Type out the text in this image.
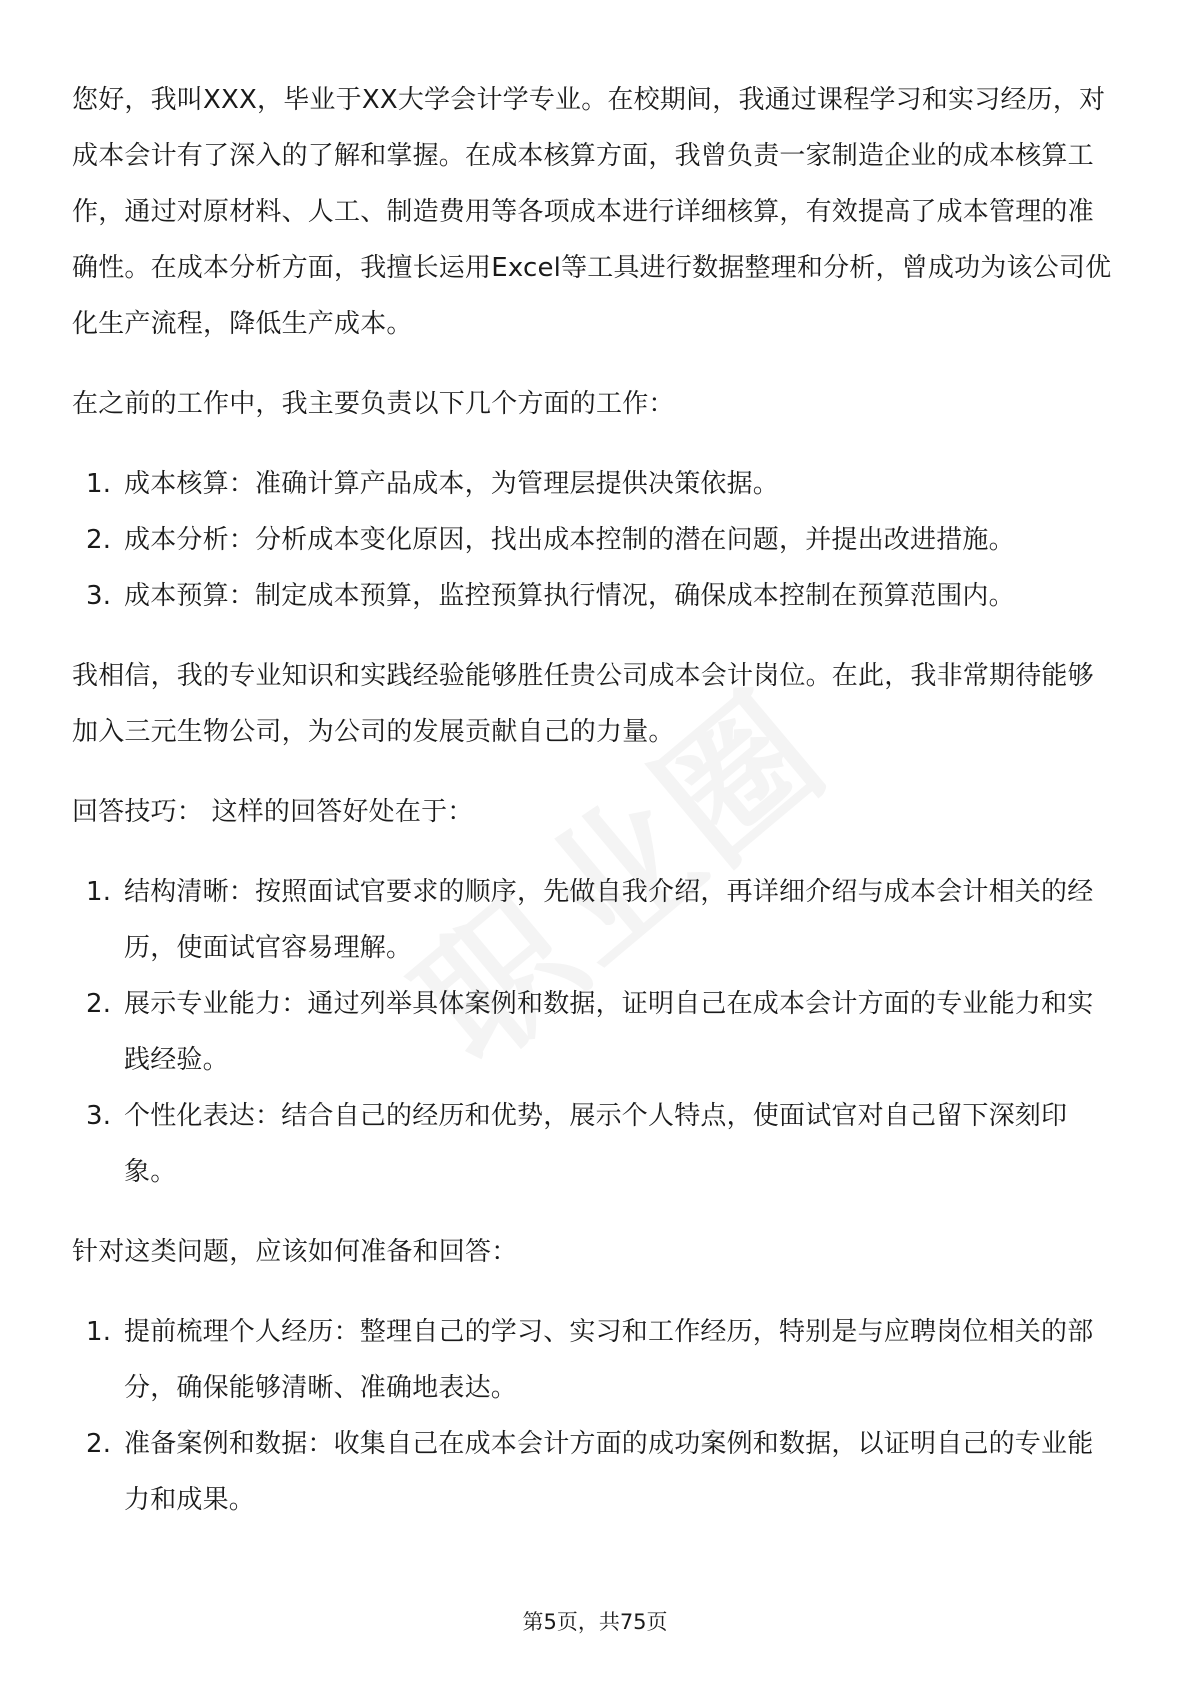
您好，我叫XXX，毕业于XX大学会计学专业。在校期间，我通过课程学习和实习经历，对成本会计有了深入的了解和掌握。在成本核算方面，我曾负责一家制造企业的成本核算工作，通过对原材料、人工、制造费用等各项成本进行详细核算，有效提高了成本管理的准确性。在成本分析方面，我擅长运用Excel等工具进行数据整理和分析，曾成功为该公司优化生产流程，降低生产成本。

在之前的工作中，我主要负责以下几个方面的工作：

1. 成本核算：准确计算产品成本，为管理层提供决策依据。
2. 成本分析：分析成本变化原因，找出成本控制的潜在问题，并提出改进措施。
3. 成本预算：制定成本预算，监控预算执行情况，确保成本控制在预算范围内。

我相信，我的专业知识和实践经验能够胜任贵公司成本会计岗位。在此，我非常期待能够加入三元生物公司，为公司的发展贡献自己的力量。

回答技巧： 这样的回答好处在于：

1. 结构清晰：按照面试官要求的顺序，先做自我介绍，再详细介绍与成本会计相关的经历，使面试官容易理解。
2. 展示专业能力：通过列举具体案例和数据，证明自己在成本会计方面的专业能力和实践经验。
3. 个性化表达：结合自己的经历和优势，展示个人特点，使面试官对自己留下深刻印象。

针对这类问题，应该如何准备和回答：

1. 提前梳理个人经历：整理自己的学习、实习和工作经历，特别是与应聘岗位相关的部分，确保能够清晰、准确地表达。
2. 准备案例和数据：收集自己在成本会计方面的成功案例和数据，以证明自己的专业能力和成果。
第5页，共75页
